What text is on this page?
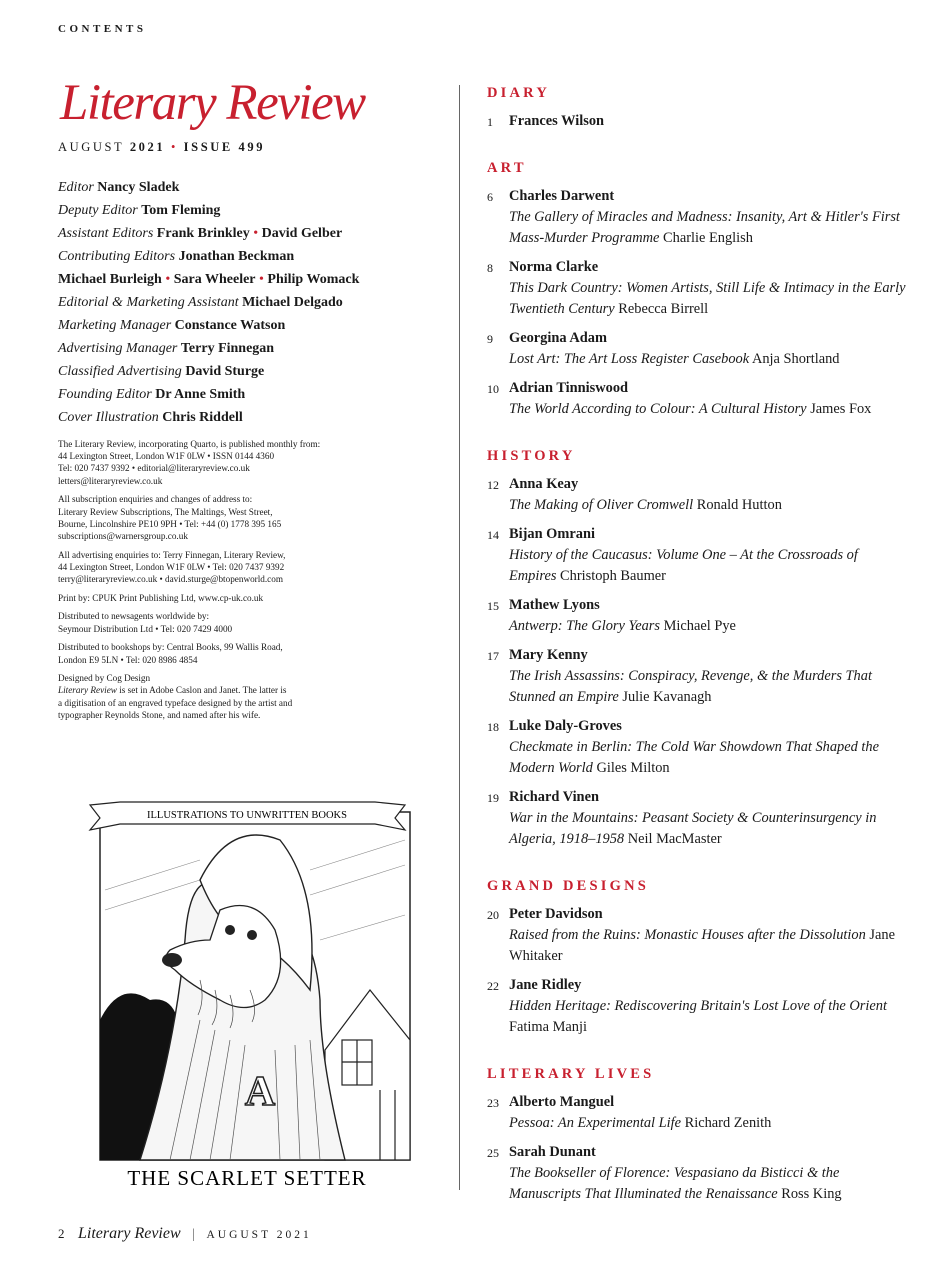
CONTENTS
Literary Review
AUGUST 2021 • ISSUE 499
Editor Nancy Sladek
Deputy Editor Tom Fleming
Assistant Editors Frank Brinkley • David Gelber
Contributing Editors Jonathan Beckman
Michael Burleigh • Sara Wheeler • Philip Womack
Editorial & Marketing Assistant Michael Delgado
Marketing Manager Constance Watson
Advertising Manager Terry Finnegan
Classified Advertising David Sturge
Founding Editor Dr Anne Smith
Cover Illustration Chris Riddell

The Literary Review, incorporating Quarto, is published monthly from:
44 Lexington Street, London W1F 0LW • ISSN 0144 4360
Tel: 020 7437 9392 • editorial@literaryreview.co.uk
letters@literaryreview.co.uk

All subscription enquiries and changes of address to:
Literary Review Subscriptions, The Maltings, West Street,
Bourne, Lincolnshire PE10 9PH • Tel: +44 (0) 1778 395 165
subscriptions@warnersgroup.co.uk

All advertising enquiries to: Terry Finnegan, Literary Review,
44 Lexington Street, London W1F 0LW • Tel: 020 7437 9392
terry@literaryreview.co.uk • david.sturge@btopenworld.com

Print by: CPUK Print Publishing Ltd, www.cp-uk.co.uk

Distributed to newsagents worldwide by:
Seymour Distribution Ltd • Tel: 020 7429 4000

Distributed to bookshops by: Central Books, 99 Wallis Road,
London E9 5LN • Tel: 020 8986 4854

Designed by Cog Design
Literary Review is set in Adobe Caslon and Janet. The latter is
a digitisation of an engraved typeface designed by the artist and
typographer Reynolds Stone, and named after his wife.

ILLUSTRATIONS TO UNWRITTEN BOOKS
A
THE SCARLET SETTER
DIARY
1 Frances Wilson
ART
6 Charles Darwent
The Gallery of Miracles and Madness: Insanity, Art & Hitler's First Mass-Murder Programme Charlie English
8 Norma Clarke
This Dark Country: Women Artists, Still Life & Intimacy in the Early Twentieth Century Rebecca Birrell
9 Georgina Adam
Lost Art: The Art Loss Register Casebook Anja Shortland
10 Adrian Tinniswood
The World According to Colour: A Cultural History James Fox
HISTORY
12 Anna Keay
The Making of Oliver Cromwell Ronald Hutton
14 Bijan Omrani
History of the Caucasus: Volume One – At the Crossroads of Empires Christoph Baumer
15 Mathew Lyons
Antwerp: The Glory Years Michael Pye
17 Mary Kenny
The Irish Assassins: Conspiracy, Revenge, & the Murders That Stunned an Empire Julie Kavanagh
18 Luke Daly-Groves
Checkmate in Berlin: The Cold War Showdown That Shaped the Modern World Giles Milton
19 Richard Vinen
War in the Mountains: Peasant Society & Counterinsurgency in Algeria, 1918–1958 Neil MacMaster
GRAND DESIGNS
20 Peter Davidson
Raised from the Ruins: Monastic Houses after the Dissolution Jane Whitaker
22 Jane Ridley
Hidden Heritage: Rediscovering Britain's Lost Love of the Orient Fatima Manji
LITERARY LIVES
23 Alberto Manguel
Pessoa: An Experimental Life Richard Zenith
25 Sarah Dunant
The Bookseller of Florence: Vespasiano da Bisticci & the Manuscripts That Illuminated the Renaissance Ross King
2 Literary Review | AUGUST 2021
